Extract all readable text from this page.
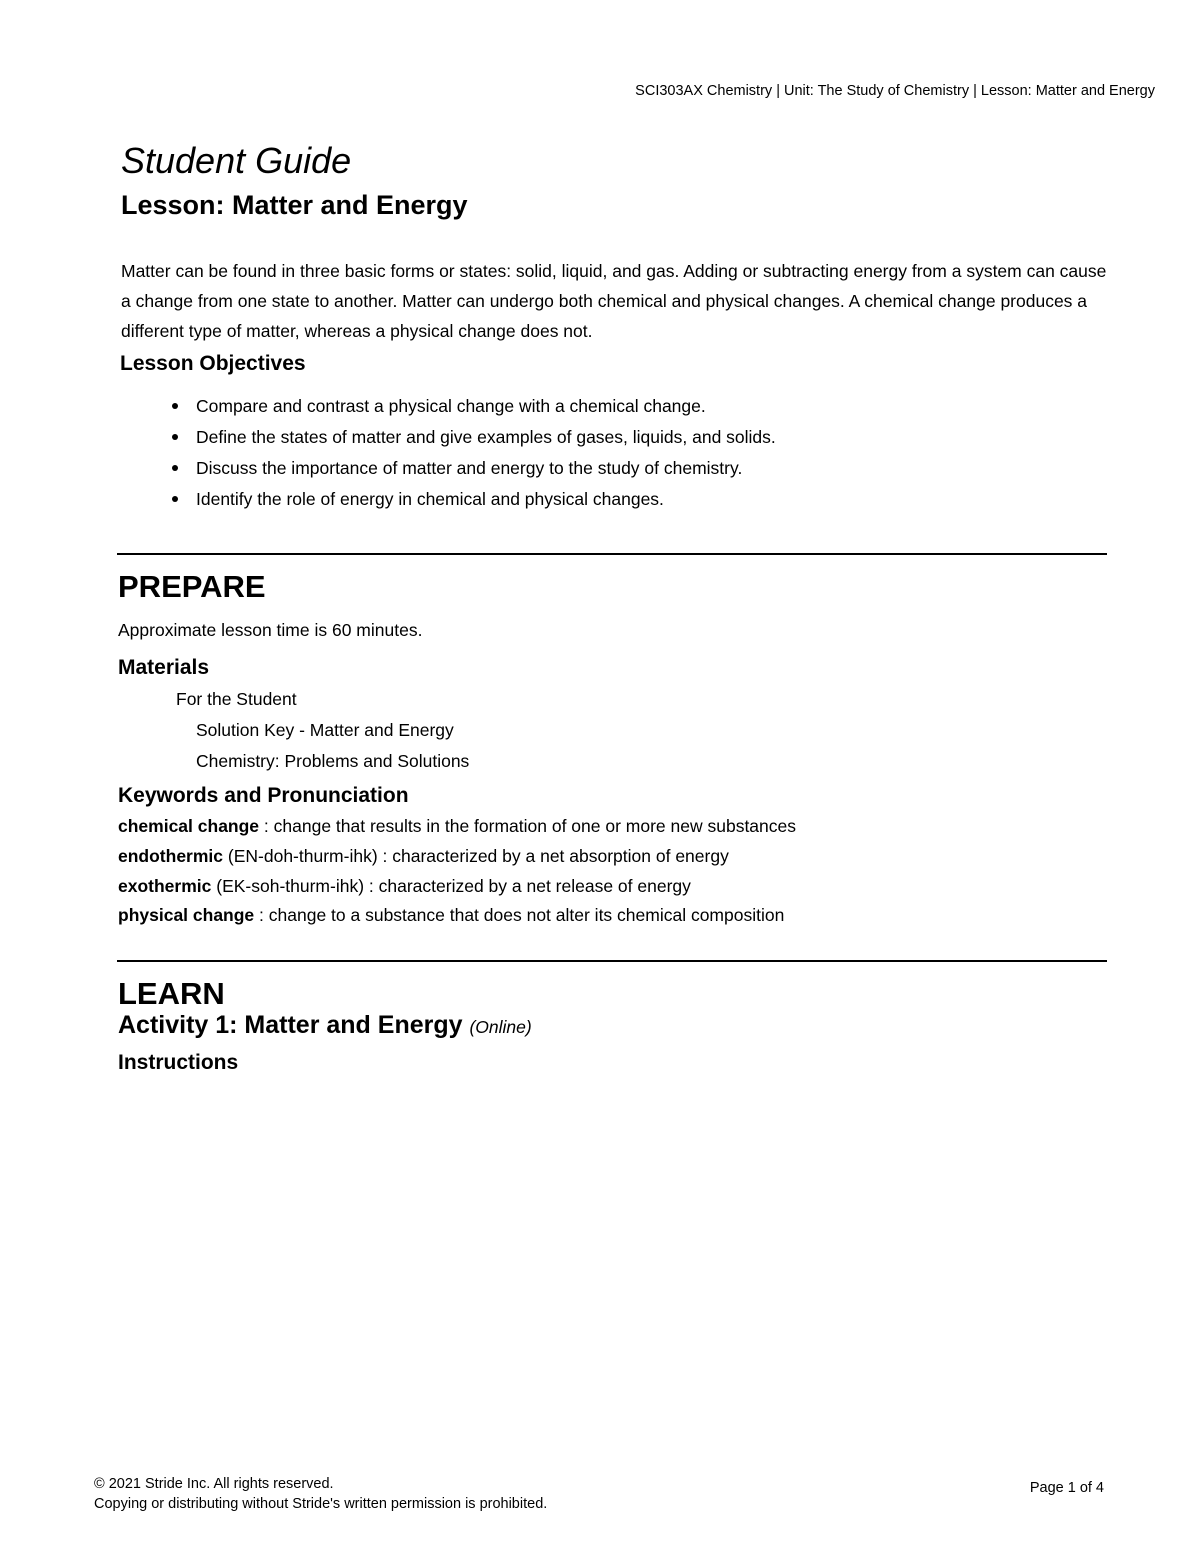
SCI303AX Chemistry | Unit: The Study of Chemistry | Lesson: Matter and Energy
Student Guide
Lesson: Matter and Energy

Matter can be found in three basic forms or states: solid, liquid, and gas. Adding or subtracting energy from a system can cause a change from one state to another. Matter can undergo both chemical and physical changes. A chemical change produces a different type of matter, whereas a physical change does not.

Lesson Objectives
Compare and contrast a physical change with a chemical change.
Define the states of matter and give examples of gases, liquids, and solids.
Discuss the importance of matter and energy to the study of chemistry.
Identify the role of energy in chemical and physical changes.
PREPARE
Approximate lesson time is 60 minutes.
Materials
For the Student
Solution Key - Matter and Energy
Chemistry: Problems and Solutions
Keywords and Pronunciation
chemical change : change that results in the formation of one or more new substances
endothermic (EN-doh-thurm-ihk) : characterized by a net absorption of energy
exothermic (EK-soh-thurm-ihk) : characterized by a net release of energy
physical change : change to a substance that does not alter its chemical composition
LEARN
Activity 1: Matter and Energy (Online)
Instructions
© 2021 Stride Inc. All rights reserved.
Copying or distributing without Stride's written permission is prohibited.
Page 1 of 4
